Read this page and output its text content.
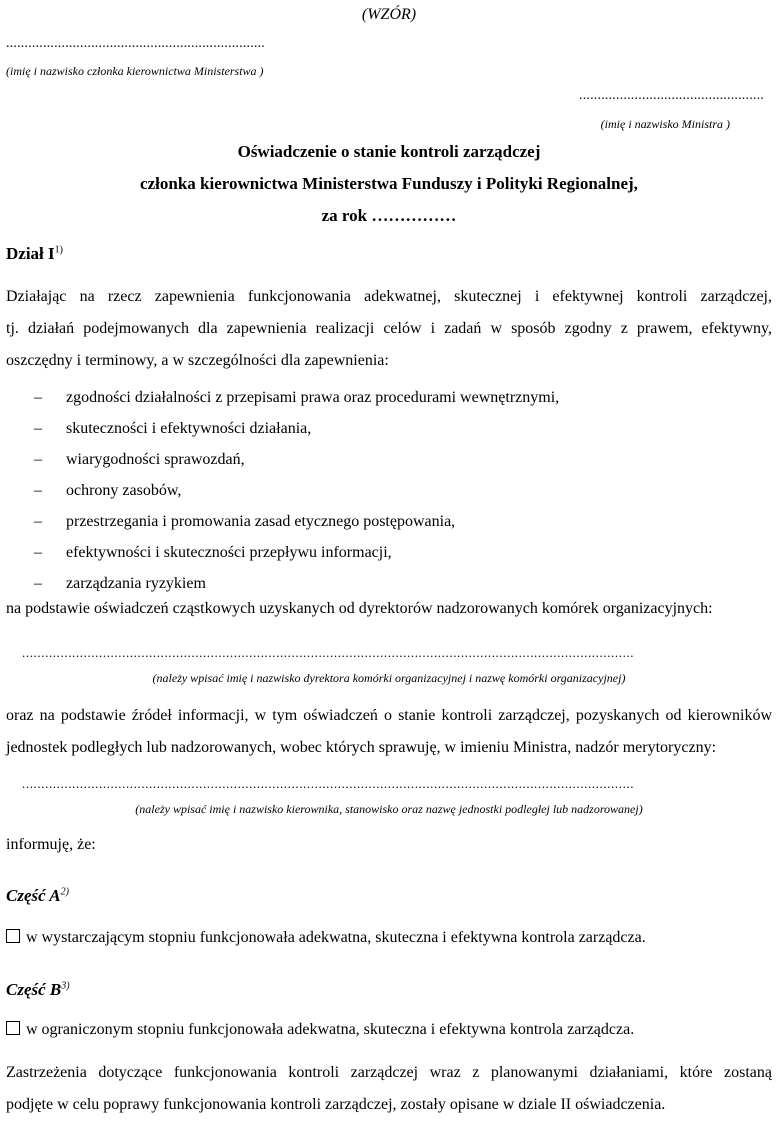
(WZÓR)
......................................................................
(imię i nazwisko członka kierownictwa Ministerstwa )
..................................................
(imię i nazwisko Ministra )
Oświadczenie o stanie kontroli zarządczej
członka kierownictwa Ministerstwa Funduszy i Polityki Regionalnej,
za rok ……………
Dział $I^{1)}$
Działając na rzecz zapewnienia funkcjonowania adekwatnej, skutecznej i efektywnej kontroli zarządczej,
tj. działań podejmowanych dla zapewnienia realizacji celów i zadań w sposób zgodny z prawem, efektywny,
oszczędny i terminowy, a w szczególności dla zapewnienia:
–	zgodności działalności z przepisami prawa oraz procedurami wewnętrznymi,
–	skuteczności i efektywności działania,
–	wiarygodności sprawozdań,
–	ochrony zasobów,
–	przestrzegania i promowania zasad etycznego postępowania,
–	efektywności i skuteczności przepływu informacji,
–	zarządzania ryzykiem
na podstawie oświadczeń cząstkowych uzyskanych od dyrektorów nadzorowanych komórek organizacyjnych:
...............................................................................................................................................................
(należy wpisać imię i nazwisko dyrektora komórki organizacyjnej i nazwę komórki organizacyjnej)
oraz na podstawie źródeł informacji, w tym oświadczeń o stanie kontroli zarządczej, pozyskanych od kierowników
jednostek podległych lub nadzorowanych, wobec których sprawuję, w imieniu Ministra, nadzór merytoryczny:
...............................................................................................................................................................
(należy wpisać imię i nazwisko kierownika, stanowisko oraz nazwę jednostki podległej lub nadzorowanej)
informuję, że:
Część $A^{2)}$
w wystarczającym stopniu funkcjonowała adekwatna, skuteczna i efektywna kontrola zarządcza.
Część $B^{3)}$
w ograniczonym stopniu funkcjonowała adekwatna, skuteczna i efektywna kontrola zarządcza.
Zastrzeżenia dotyczące funkcjonowania kontroli zarządczej wraz z planowanymi działaniami, które zostaną
podjęte w celu poprawy funkcjonowania kontroli zarządczej, zostały opisane w dziale II oświadczenia.
